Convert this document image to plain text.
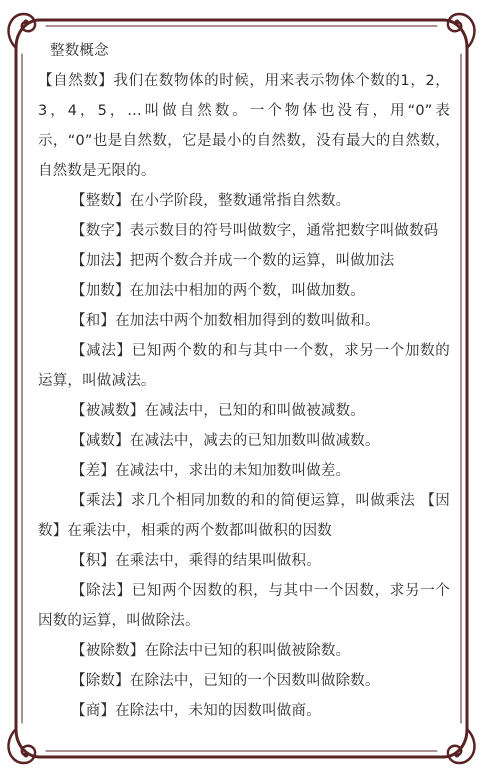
整数概念

【自然数】我们在数物体的时候，用来表示物体个数的1，2，3，4，5，...叫做自然数。一个物体也没有，用“0”表示，“0”也是自然数，它是最小的自然数，没有最大的自然数，自然数是无限的。

【整数】在小学阶段，整数通常指自然数。

【数字】表示数目的符号叫做数字，通常把数字叫做数码

【加法】把两个数合并成一个数的运算，叫做加法

【加数】在加法中相加的两个数，叫做加数。

【和】在加法中两个加数相加得到的数叫做和。

【减法】已知两个数的和与其中一个数，求另一个加数的运算，叫做减法。

【被减数】在减法中，已知的和叫做被减数。

【减数】在减法中，减去的已知加数叫做减数。

【差】在减法中，求出的未知加数叫做差。

【乘法】求几个相同加数的和的简便运算，叫做乘法 【因数】在乘法中，相乘的两个数都叫做积的因数

【积】在乘法中，乘得的结果叫做积。

【除法】已知两个因数的积，与其中一个因数，求另一个因数的运算，叫做除法。

【被除数】在除法中已知的积叫做被除数。

【除数】在除法中，已知的一个因数叫做除数。

【商】在除法中，未知的因数叫做商。
